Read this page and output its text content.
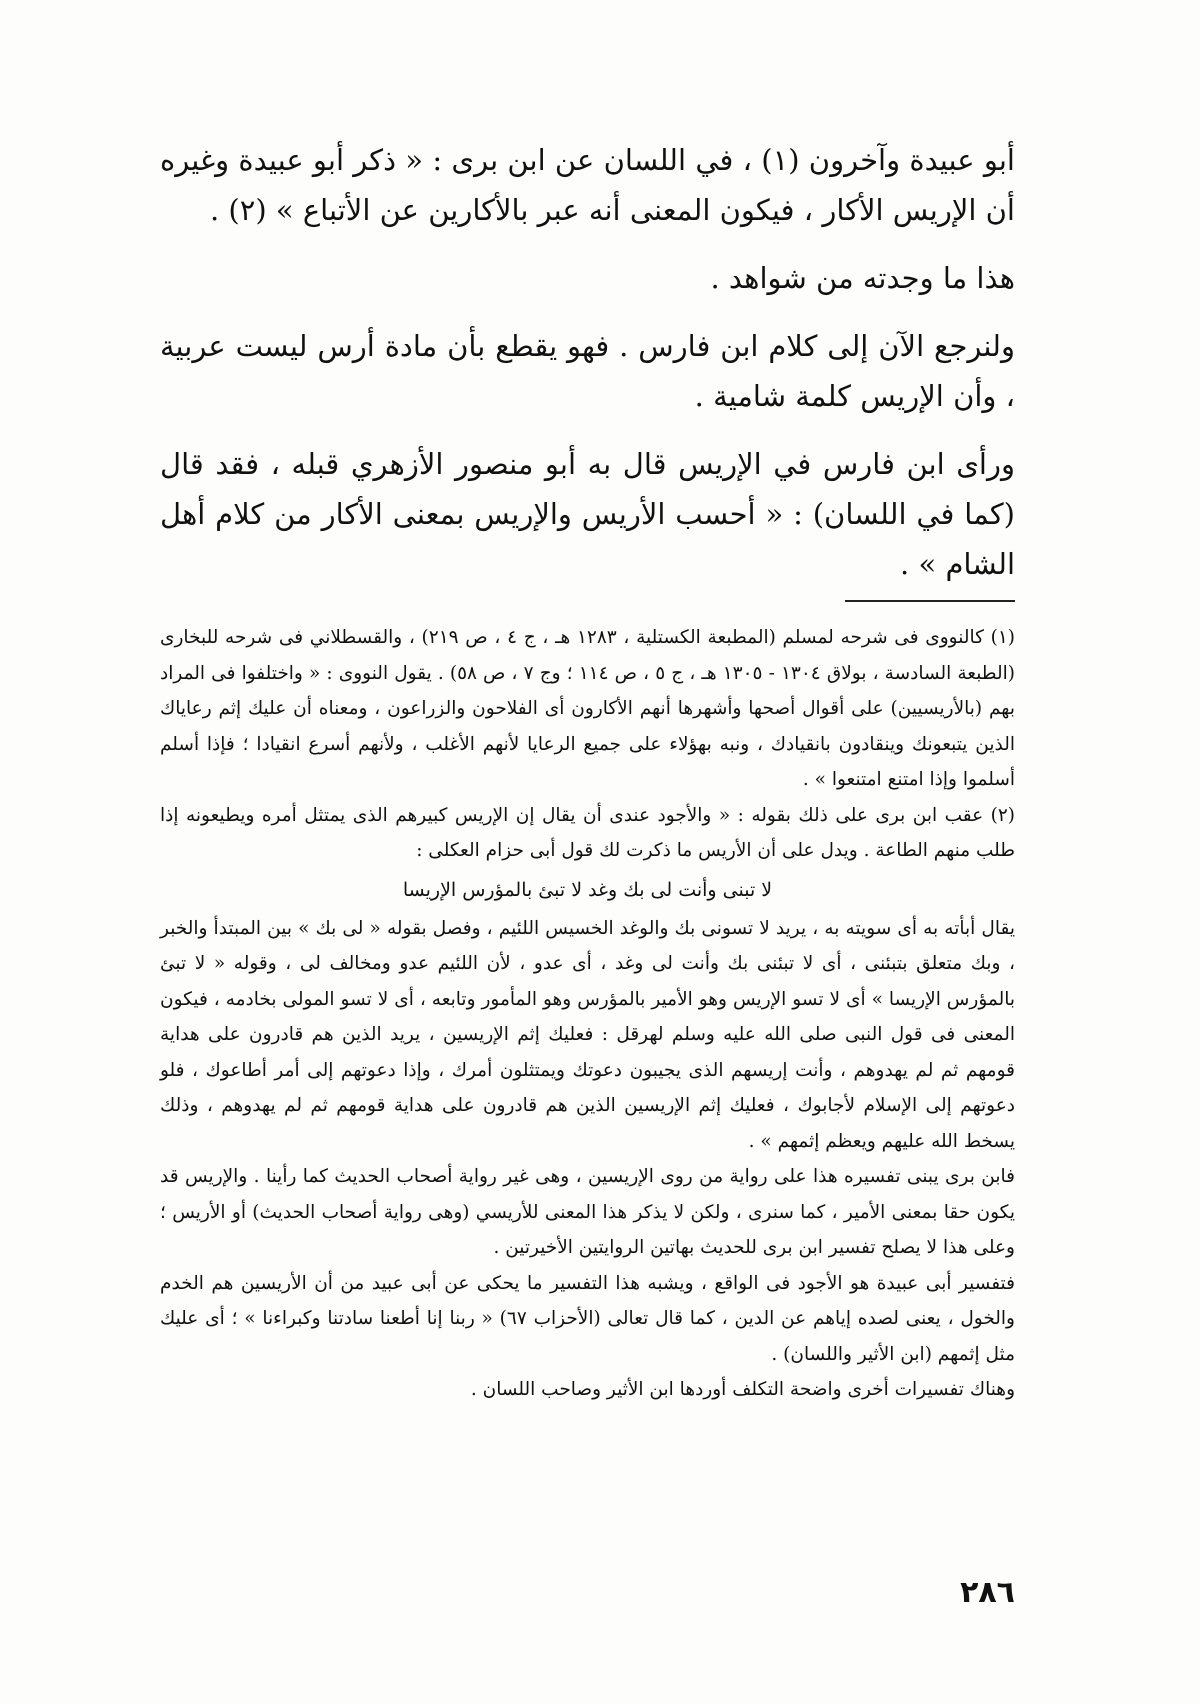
أبو عبيدة وآخرون (١) ، في اللسان عن ابن برى : « ذكر أبو عبيدة وغيره أن الإريس الأكار ، فيكون المعنى أنه عبر بالأكارين عن الأتباع » (٢) .

هذا ما وجدته من شواهد .

ولنرجع الآن إلى كلام ابن فارس . فهو يقطع بأن مادة أرس ليست عربية ، وأن الإريس كلمة شامية .

ورأى ابن فارس في الإريس قال به أبو منصور الأزهري قبله ، فقد قال (كما في اللسان) : « أحسب الأريس والإريس بمعنى الأكار من كلام أهل الشام » .

(١) كالنووى فى شرحه لمسلم (المطبعة الكستلية ، ١٢٨٣ هـ ، ج ٤ ، ص ٢١٩) ، والقسطلاني فى شرحه للبخارى (الطبعة السادسة ، بولاق ١٣٠٤ - ١٣٠٥ هـ ، ج ٥ ، ص ١١٤ ؛ وج ٧ ، ص ٥٨) . يقول النووى : « واختلفوا فى المراد بهم (بالأريسيين) على أقوال أصحها وأشهرها أنهم الأكارون أى الفلاحون والزراعون ، ومعناه أن عليك إثم رعاياك الذين يتبعونك وينقادون بانقيادك ، ونبه بهؤلاء على جميع الرعايا لأنهم الأغلب ، ولأنهم أسرع انقيادا ؛ فإذا أسلم أسلموا وإذا امتنع امتنعوا » .

(٢) عقب ابن برى على ذلك بقوله : « والأجود عندى أن يقال إن الإريس كبيرهم الذى يمتثل أمره ويطيعونه إذا طلب منهم الطاعة . ويدل على أن الأريس ما ذكرت لك قول أبى حزام العكلى :

لا تبنى وأنت لى بك وغد لا تبئ بالمؤرس الإريسا

يقال أبأته به أى سويته به ، يريد لا تسونى بك والوغد الخسيس اللئيم ، وفصل بقوله « لى بك » بين المبتدأ والخبر ، وبك متعلق بتبئنى ، أى لا تبئنى بك وأنت لى وغد ، أى عدو ، لأن اللئيم عدو ومخالف لى ، وقوله « لا تبئ بالمؤرس الإريسا » أى لا تسو الإريس وهو الأمير بالمؤرس وهو المأمور وتابعه ، أى لا تسو المولى بخادمه ، فيكون المعنى فى قول النبى صلى الله عليه وسلم لهرقل : فعليك إثم الإريسين ، يريد الذين هم قادرون على هداية قومهم ثم لم يهدوهم ، وأنت إريسهم الذى يجيبون دعوتك ويمتثلون أمرك ، وإذا دعوتهم إلى أمر أطاعوك ، فلو دعوتهم إلى الإسلام لأجابوك ، فعليك إثم الإريسين الذين هم قادرون على هداية قومهم ثم لم يهدوهم ، وذلك يسخط الله عليهم ويعظم إثمهم » .

فابن برى يبنى تفسيره هذا على رواية من روى الإريسين ، وهى غير رواية أصحاب الحديث كما رأينا . والإريس قد يكون حقا بمعنى الأمير ، كما سنرى ، ولكن لا يذكر هذا المعنى للأريسي (وهى رواية أصحاب الحديث) أو الأريس ؛ وعلى هذا لا يصلح تفسير ابن برى للحديث بهاتين الروايتين الأخيرتين .

فتفسير أبى عبيدة هو الأجود فى الواقع ، ويشبه هذا التفسير ما يحكى عن أبى عبيد من أن الأريسين هم الخدم والخول ، يعنى لصده إياهم عن الدين ، كما قال تعالى (الأحزاب ٦٧) « ربنا إنا أطعنا سادتنا وكبراءنا » ؛ أى عليك مثل إثمهم (ابن الأثير واللسان) .

وهناك تفسيرات أخرى واضحة التكلف أوردها ابن الأثير وصاحب اللسان .

٢٨٦
